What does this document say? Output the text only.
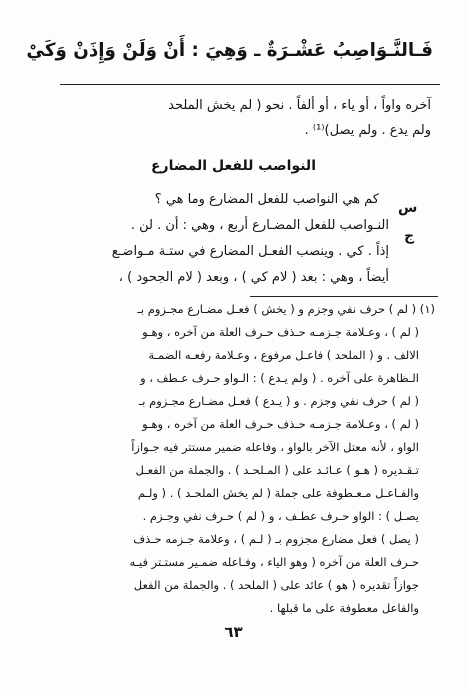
فَـالنَّـوَاصِبُ عَشْـرَةٌ ـ وَهِيَ : أَنْ وَلَنْ وَإِذَنْ وَكَيْ
آخره واواً ، أو ياء ، أو ألفاً . نحو ( لم يخش الملحد
ولم يدع . ولم يصل)⁽¹⁾ .
النواصب للفعل المضارع
س
كم هي النواصب للفعل المضارع وما هي ؟
ج
النـواصب للفعل المضـارع أربع ، وهي : أن . لن .
إذاً . كي . وينصب الفعـل المضارع في ستـة مـواضـع
أيضاً ، وهي : بعد ( لام كي ) ، وبعد ( لام الجحود ) ،
(١) ( لم ) حرف نفي وجزم و ( يخش ) فعـل مضـارع مجـزوم بـ
( لم ) ، وعـلامة جـزمـه حـذف حـرف العلة من آخره ، وهـو
الالف . و ( الملحد ) فاعـل مرفوع ، وعـلامة رفعـه الضمـة
الـظاهرة على آخره . ( ولم يـدع ) : الـواو حـرف عـطف ، و
( لم ) حرف نفي وجزم . و ( يـدع ) فعـل مضـارع مجـزوم بـ
( لم ) ، وعـلامة جـزمـه حـذف حـرف العلة من آخره ، وهـو
الواو ، لأنه معتل الآخر بالواو ، وفاعله ضمير مستتر فيه جـوازاً
تـقـديره ( هـو ) عـائـد على ( المـلحـد ) . والجملة من الفعـل
والفـاعـل مـعـطوفة على جملة ( لم يخش الملحـد ) . ( ولـم
يصـل ) : الواو حـرف عطـف ، و ( لم ) حـرف نفي وجـزم .
( يصل ) فعل مضارع مجزوم بـ ( لـم ) ، وعلامة جـزمه حـذف
حـرف العلة من آخره ( وهو الياء ، وفـاعله ضمـير مستـتر فيـه
جوازاً تقديره ( هو ) عائد على ( الملحد ) . والجملة من الفعل
والفاعل معطوفة على ما قبلها .
٦٣
